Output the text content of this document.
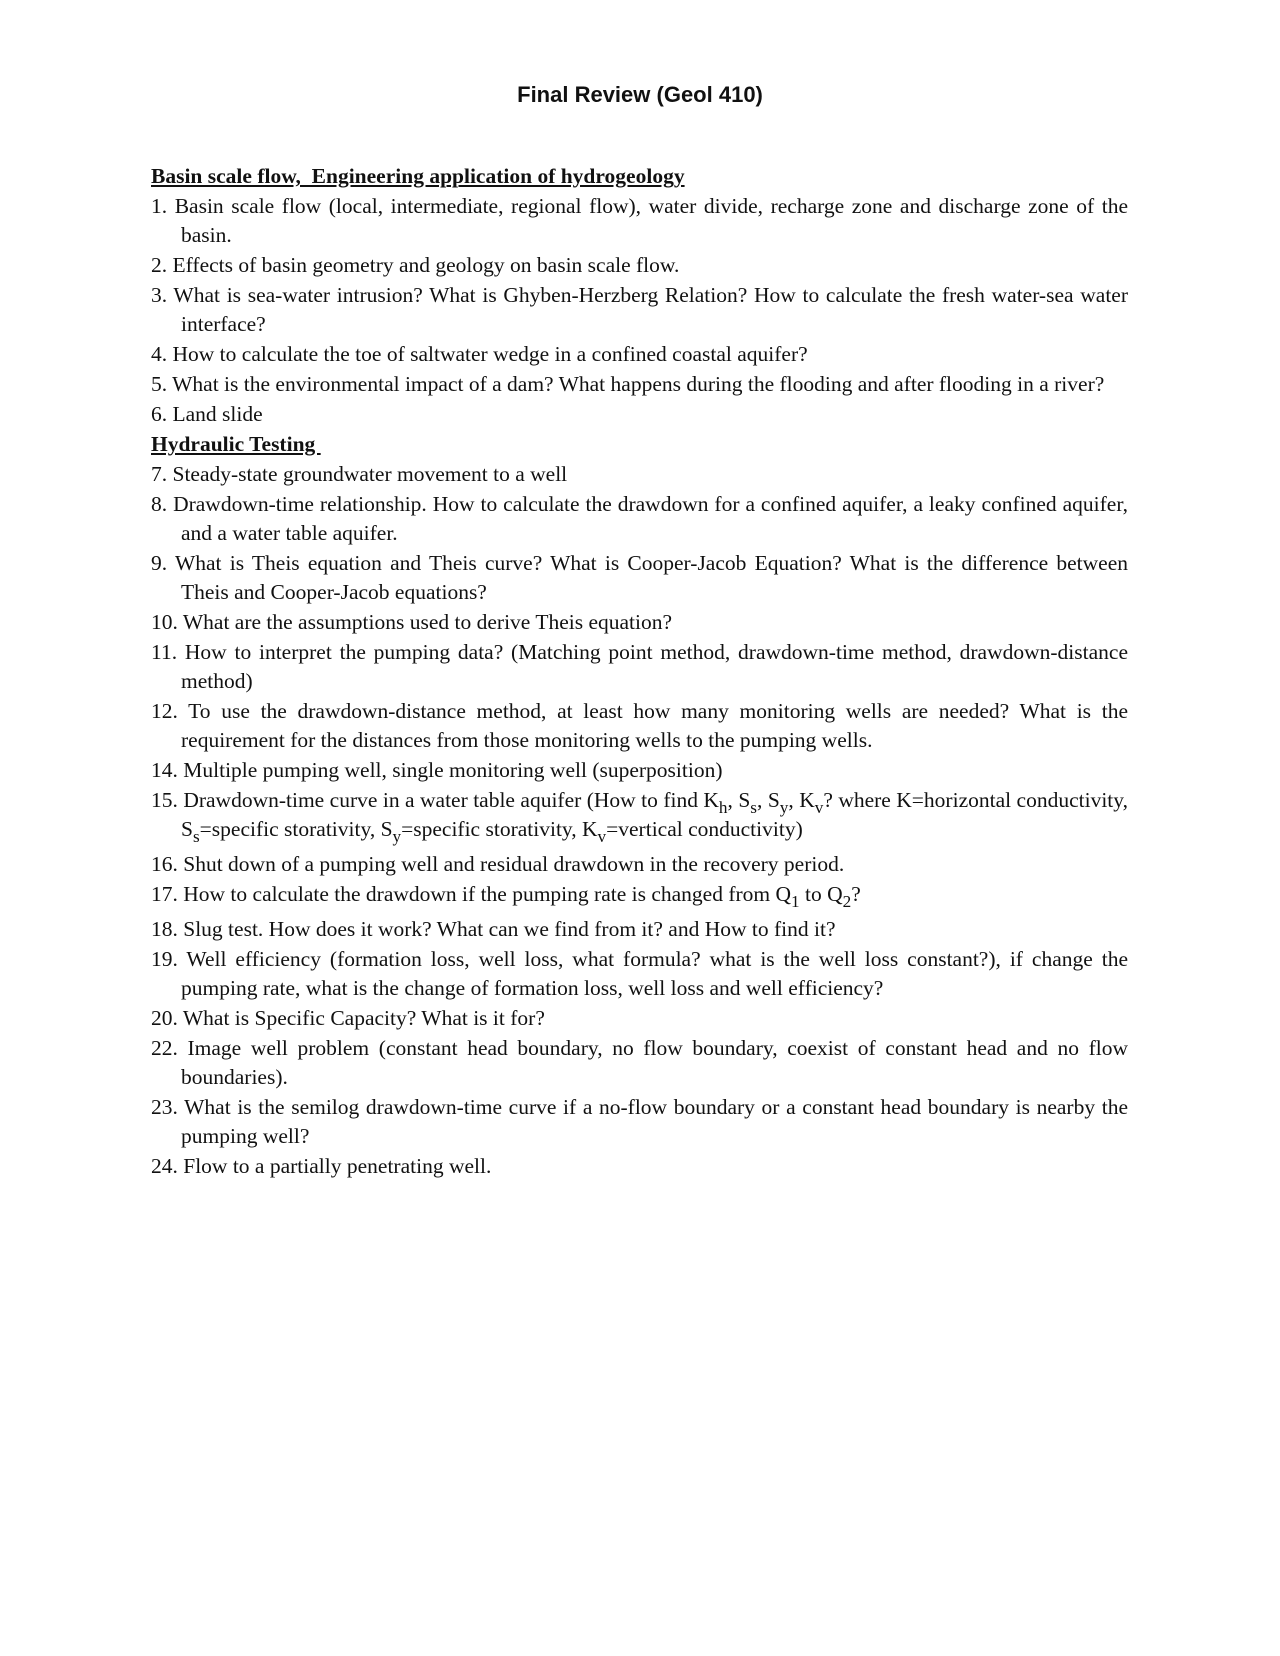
Final Review (Geol 410)
Basin scale flow,  Engineering application of hydrogeology
1. Basin scale flow (local, intermediate, regional flow), water divide, recharge zone and discharge zone of the basin.
2. Effects of basin geometry and geology on basin scale flow.
3. What is sea-water intrusion? What is Ghyben-Herzberg Relation? How to calculate the fresh water-sea water interface?
4. How to calculate the toe of saltwater wedge in a confined coastal aquifer?
5. What is the environmental impact of a dam? What happens during the flooding and after flooding in a river?
6. Land slide
Hydraulic Testing
7. Steady-state groundwater movement to a well
8. Drawdown-time relationship. How to calculate the drawdown for a confined aquifer, a leaky confined aquifer, and a water table aquifer.
9. What is Theis equation and Theis curve? What is Cooper-Jacob Equation? What is the difference between Theis and Cooper-Jacob equations?
10. What are the assumptions used to derive Theis equation?
11. How to interpret the pumping data? (Matching point method, drawdown-time method, drawdown-distance method)
12. To use the drawdown-distance method, at least how many monitoring wells are needed? What is the requirement for the distances from those monitoring wells to the pumping wells.
14. Multiple pumping well, single monitoring well (superposition)
15. Drawdown-time curve in a water table aquifer (How to find $K_h$, $S_s$, $S_y$, $K_v$? where K=horizontal conductivity, $S_s=specific$ storativity, $S_y=specific$ storativity, $K_v=vertical$ conductivity)
16. Shut down of a pumping well and residual drawdown in the recovery period.
17. How to calculate the drawdown if the pumping rate is changed from $Q_1$ to $Q_2$?
18. Slug test. How does it work? What can we find from it? and How to find it?
19. Well efficiency (formation loss, well loss, what formula? what is the well loss constant?), if change the pumping rate, what is the change of formation loss, well loss and well efficiency?
20. What is Specific Capacity? What is it for?
22. Image well problem (constant head boundary, no flow boundary, coexist of constant head and no flow boundaries).
23. What is the semilog drawdown-time curve if a no-flow boundary or a constant head boundary is nearby the pumping well?
24. Flow to a partially penetrating well.
